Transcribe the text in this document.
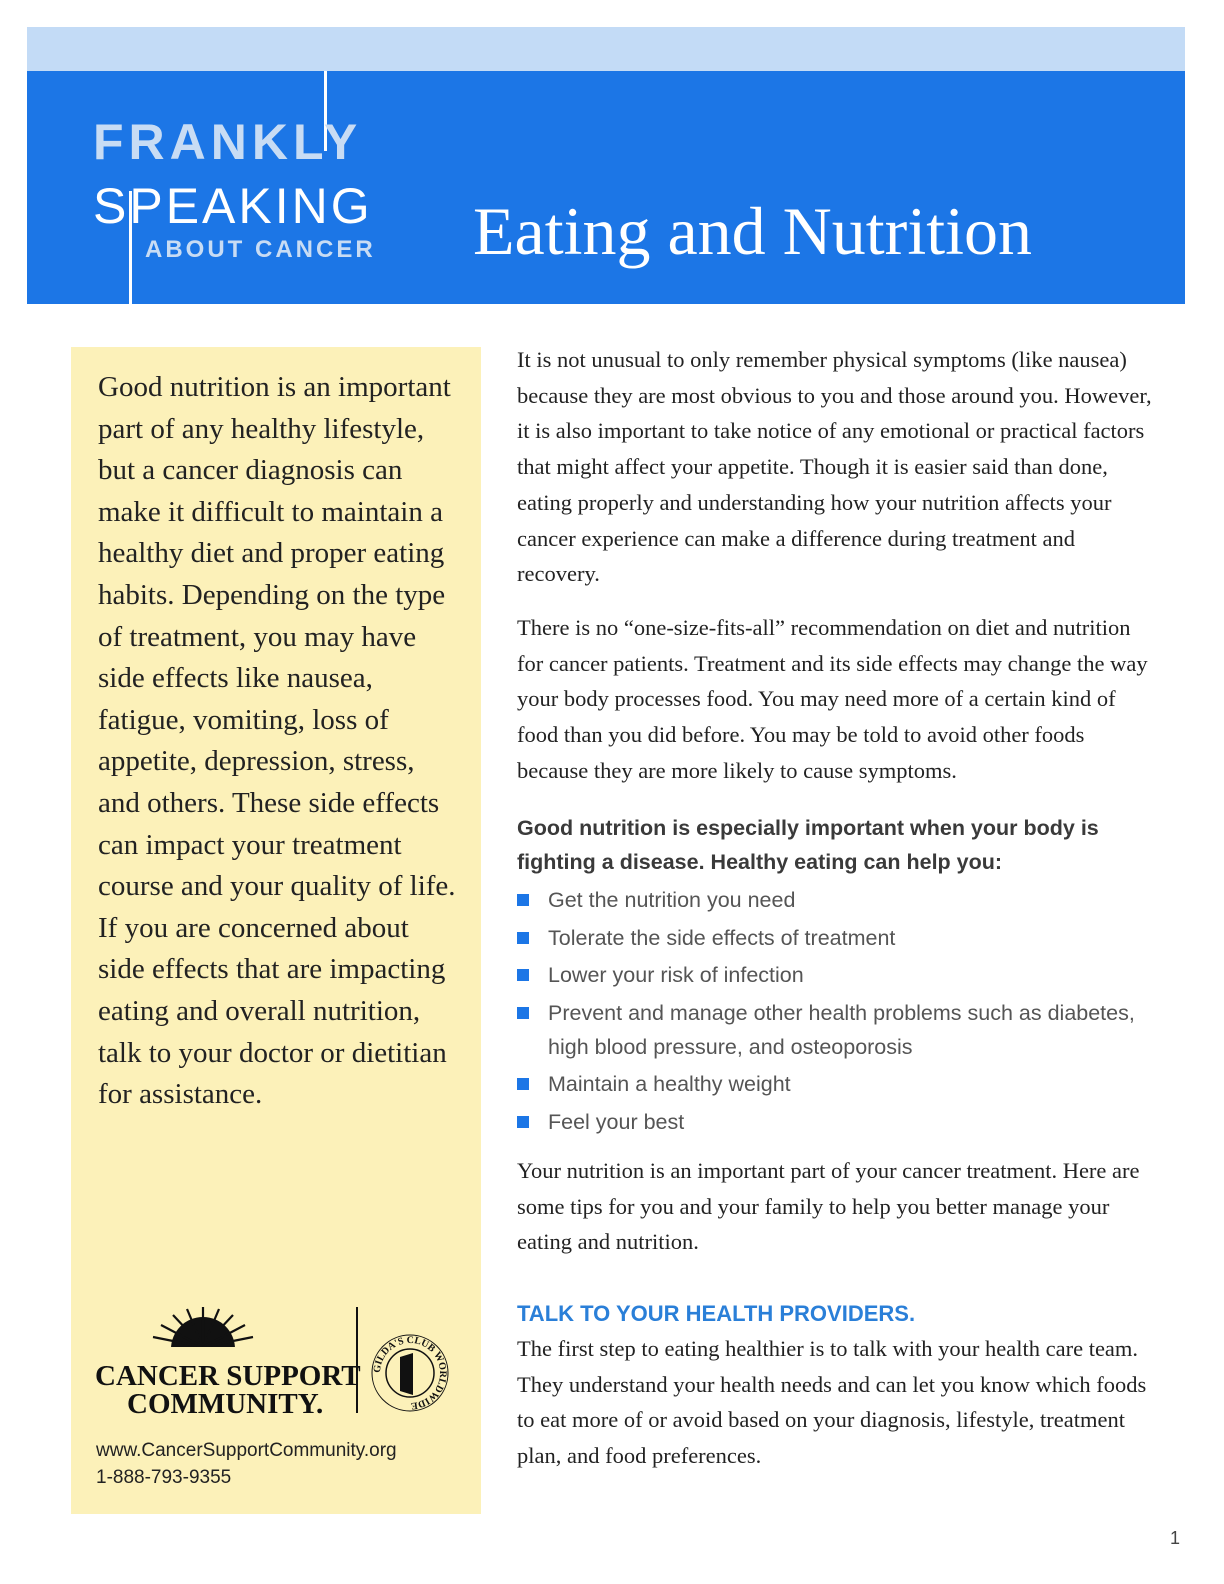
FRANKLY
SPEAKING
ABOUT CANCER Eating and Nutrition

Good nutrition is an important part of any healthy lifestyle, but a cancer diagnosis can make it difficult to maintain a healthy diet and proper eating habits. Depending on the type of treatment, you may have side effects like nausea, fatigue, vomiting, loss of appetite, depression, stress, and others. These side effects can impact your treatment course and your quality of life. If you are concerned about side effects that are impacting eating and overall nutrition, talk to your doctor or dietitian for assistance.

CANCER SUPPORT
COMMUNITY.
GILDA'S CLUB WORLDWIDE
www.CancerSupportCommunity.org
1-888-793-9355

It is not unusual to only remember physical symptoms (like nausea) because they are most obvious to you and those around you. However, it is also important to take notice of any emotional or practical factors that might affect your appetite. Though it is easier said than done, eating properly and understanding how your nutrition affects your cancer experience can make a difference during treatment and recovery.

There is no “one-size-fits-all” recommendation on diet and nutrition for cancer patients. Treatment and its side effects may change the way your body processes food. You may need more of a certain kind of food than you did before. You may be told to avoid other foods because they are more likely to cause symptoms.

Good nutrition is especially important when your body is fighting a disease. Healthy eating can help you:

Get the nutrition you need
Tolerate the side effects of treatment
Lower your risk of infection
Prevent and manage other health problems such as diabetes, high blood pressure, and osteoporosis
Maintain a healthy weight
Feel your best

Your nutrition is an important part of your cancer treatment. Here are some tips for you and your family to help you better manage your eating and nutrition.

TALK TO YOUR HEALTH PROVIDERS.

The first step to eating healthier is to talk with your health care team. They understand your health needs and can let you know which foods to eat more of or avoid based on your diagnosis, lifestyle, treatment plan, and food preferences.

1
